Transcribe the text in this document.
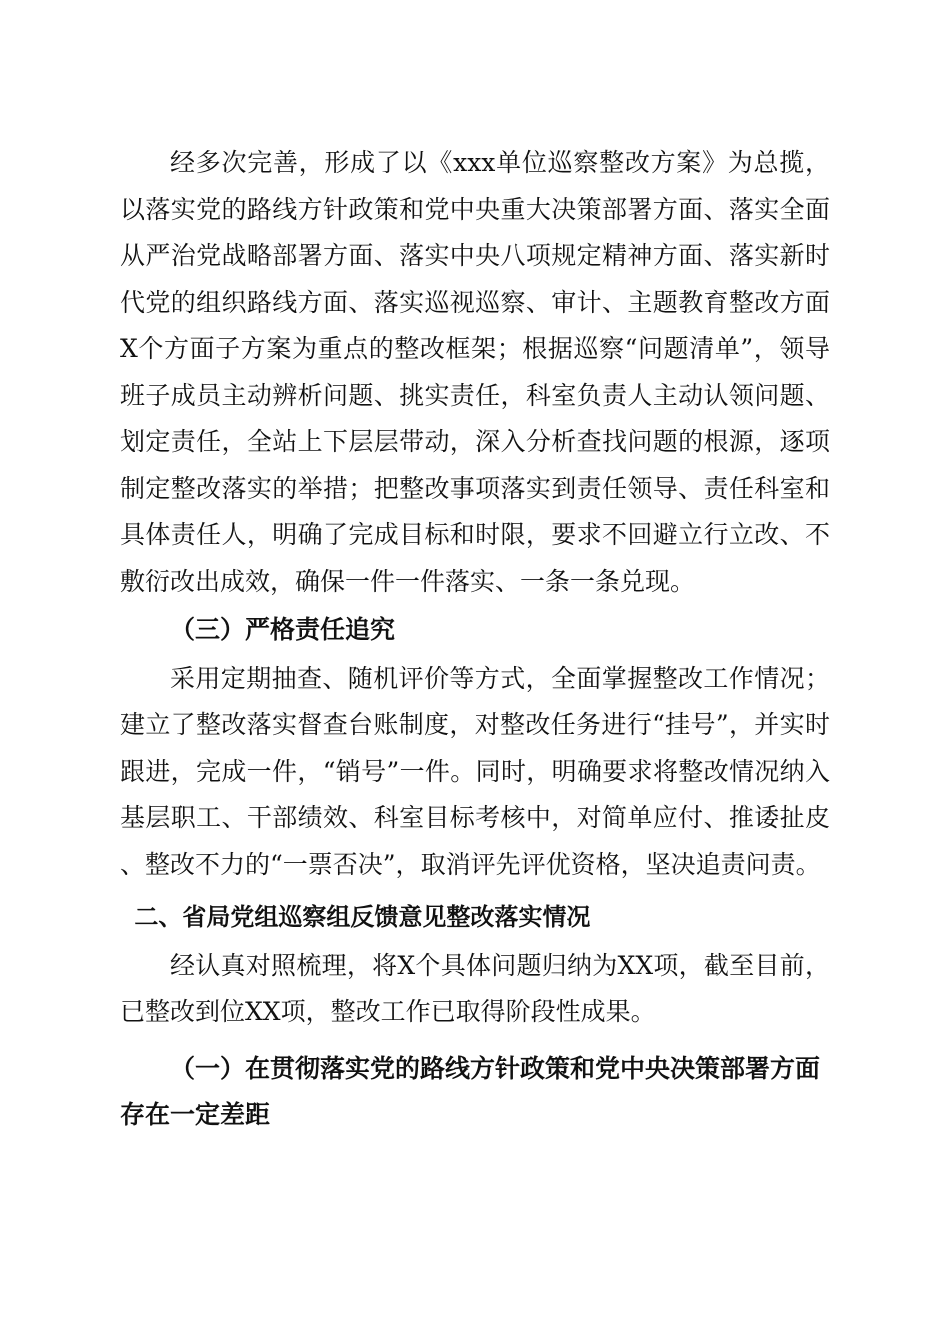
经多次完善，形成了以《xxx单位巡察整改方案》为总揽，以落实党的路线方针政策和党中央重大决策部署方面、落实全面从严治党战略部署方面、落实中央八项规定精神方面、落实新时代党的组织路线方面、落实巡视巡察、审计、主题教育整改方面X个方面子方案为重点的整改框架；根据巡察“问题清单”，领导班子成员主动辨析问题、挑实责任，科室负责人主动认领问题、划定责任，全站上下层层带动，深入分析查找问题的根源，逐项制定整改落实的举措；把整改事项落实到责任领导、责任科室和具体责任人，明确了完成目标和时限，要求不回避立行立改、不敷衍改出成效，确保一件一件落实、一条一条兑现。

（三）严格责任追究

采用定期抽查、随机评价等方式，全面掌握整改工作情况；建立了整改落实督查台账制度，对整改任务进行“挂号”，并实时跟进，完成一件，“销号”一件。同时，明确要求将整改情况纳入基层职工、干部绩效、科室目标考核中，对简单应付、推诿扯皮、整改不力的“一票否决”，取消评先评优资格，坚决追责问责。

二、省局党组巡察组反馈意见整改落实情况

经认真对照梳理，将X个具体问题归纳为XX项，截至目前，已整改到位XX项，整改工作已取得阶段性成果。

（一）在贯彻落实党的路线方针政策和党中央决策部署方面存在一定差距
